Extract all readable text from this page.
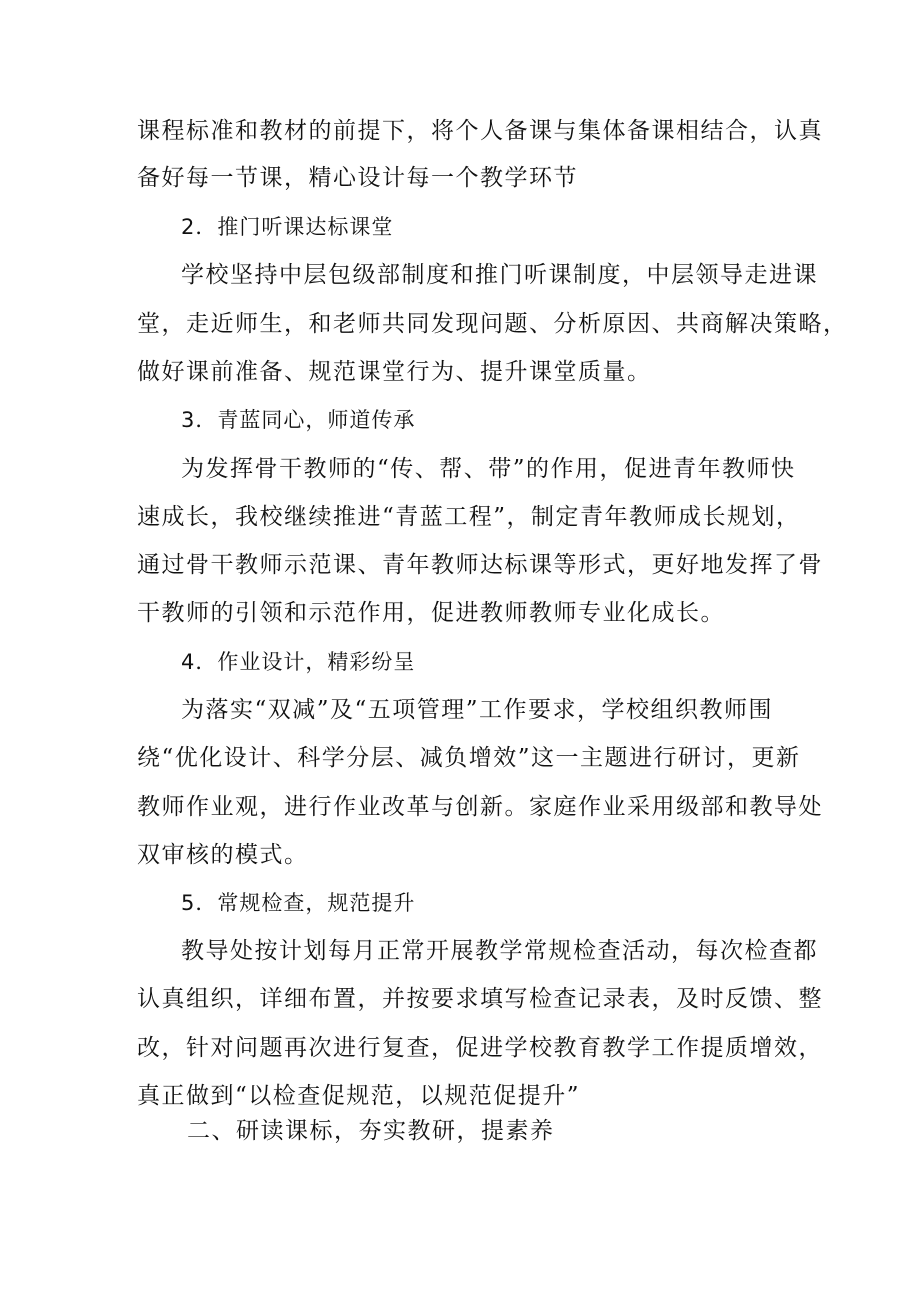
课程标准和教材的前提下，将个人备课与集体备课相结合，认真
备好每一节课，精心设计每一个教学环节
2．推门听课达标课堂
学校坚持中层包级部制度和推门听课制度，中层领导走进课
堂，走近师生，和老师共同发现问题、分析原因、共商解决策略，
做好课前准备、规范课堂行为、提升课堂质量。
3．青蓝同心，师道传承
为发挥骨干教师的“传、帮、带”的作用，促进青年教师快
速成长，我校继续推进“青蓝工程”，制定青年教师成长规划，
通过骨干教师示范课、青年教师达标课等形式，更好地发挥了骨
干教师的引领和示范作用，促进教师教师专业化成长。
4．作业设计，精彩纷呈
为落实“双减”及“五项管理”工作要求，学校组织教师围
绕“优化设计、科学分层、减负增效”这一主题进行研讨，更新
教师作业观，进行作业改革与创新。家庭作业采用级部和教导处
双审核的模式。
5．常规检查，规范提升
教导处按计划每月正常开展教学常规检查活动，每次检查都
认真组织，详细布置，并按要求填写检查记录表，及时反馈、整
改，针对问题再次进行复查，促进学校教育教学工作提质增效，
真正做到“以检查促规范，以规范促提升”
二、研读课标，夯实教研，提素养
